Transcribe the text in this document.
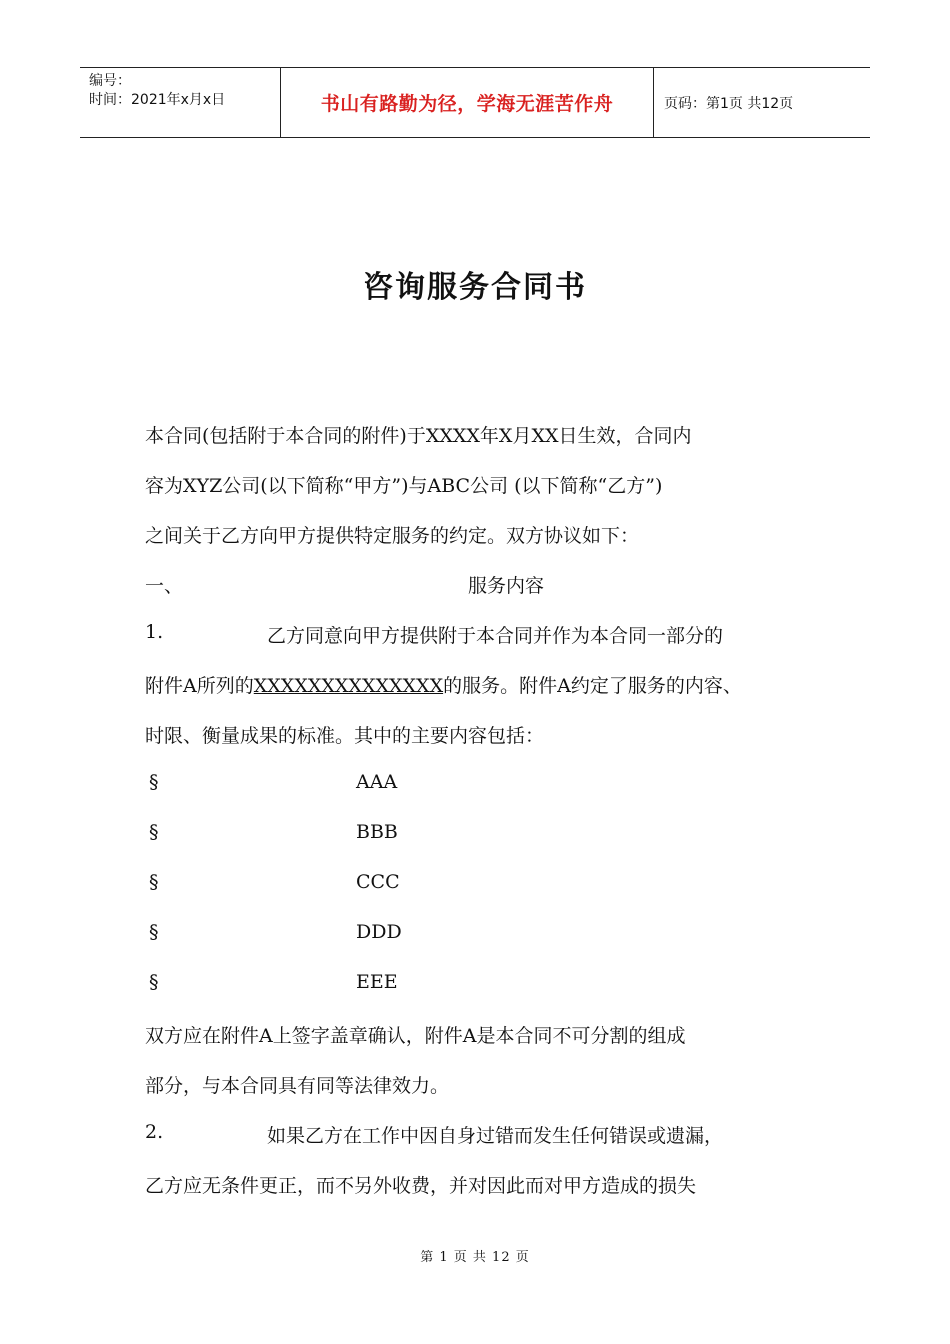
编号：
时间：2021年x月x日	书山有路勤为径，学海无涯苦作舟	页码：第1页 共12页
咨询服务合同书
本合同(包括附于本合同的附件)于XXXX年X月XX日生效，合同内
容为XYZ公司(以下简称“甲方”)与ABC公司 (以下简称“乙方”)
之间关于乙方向甲方提供特定服务的约定。双方协议如下：
一、	服务内容
1.	乙方同意向甲方提供附于本合同并作为本合同一部分的
附件A所列的XXXXXXXXXXXXXX的服务。附件A约定了服务的内容、
时限、衡量成果的标准。其中的主要内容包括：
§	AAA
§	BBB
§	CCC
§	DDD
§	EEE
双方应在附件A上签字盖章确认，附件A是本合同不可分割的组成
部分，与本合同具有同等法律效力。
2.	如果乙方在工作中因自身过错而发生任何错误或遗漏，
乙方应无条件更正，而不另外收费，并对因此而对甲方造成的损失
第 1 页 共 12 页
